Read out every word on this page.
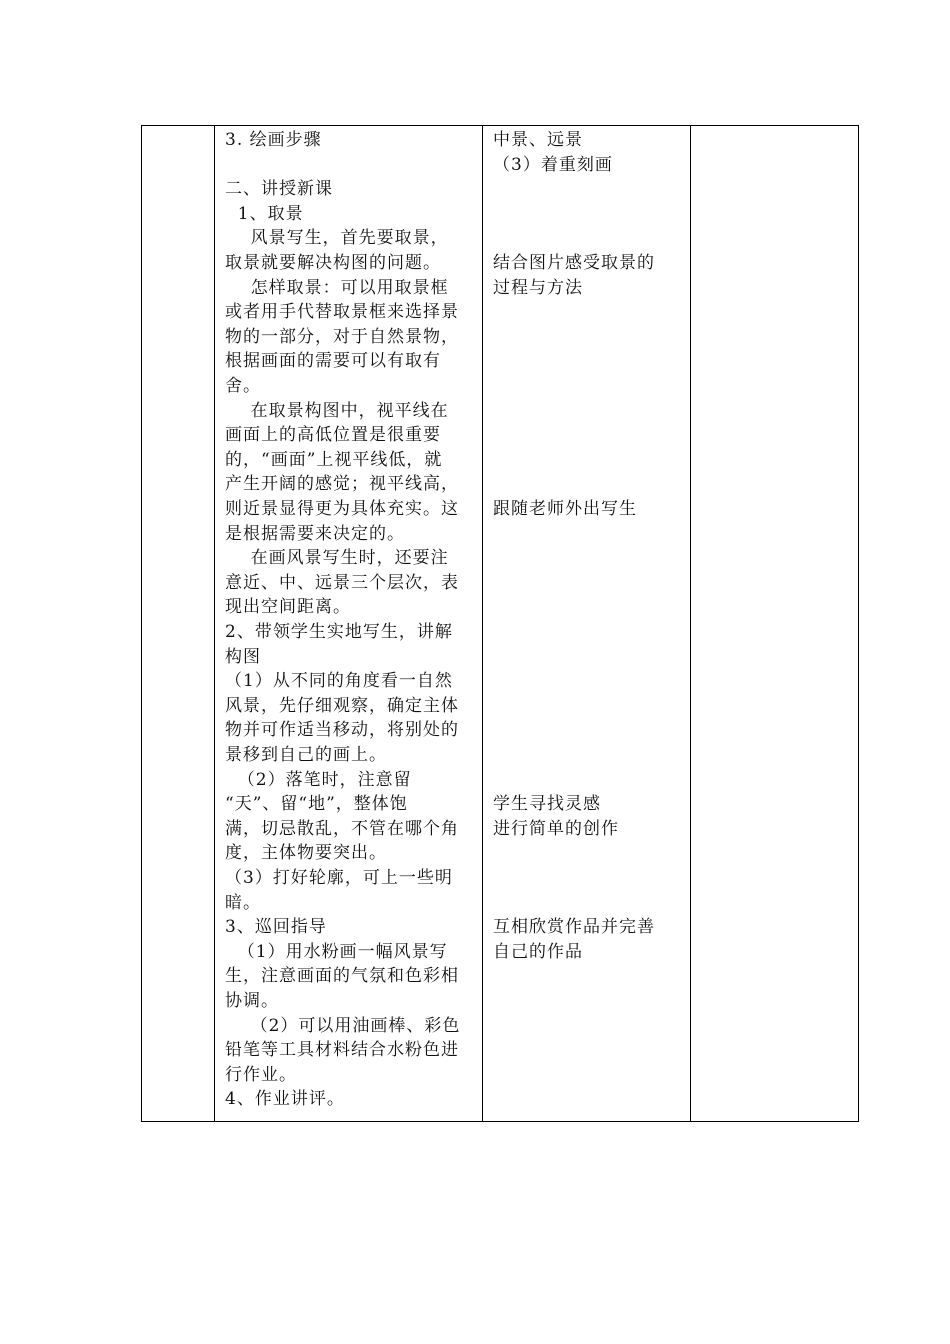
3. 绘画步骤
二、讲授新课
1、取景
风景写生，首先要取景，
取景就要解决构图的问题。
怎样取景：可以用取景框
或者用手代替取景框来选择景
物的一部分，对于自然景物，
根据画面的需要可以有取有
舍。
在取景构图中，视平线在
画面上的高低位置是很重要
的，“画面”上视平线低，就
产生开阔的感觉；视平线高，
则近景显得更为具体充实。这
是根据需要来决定的。
在画风景写生时，还要注
意近、中、远景三个层次，表
现出空间距离。
2、带领学生实地写生，讲解
构图
（1）从不同的角度看一自然
风景，先仔细观察，确定主体
物并可作适当移动，将别处的
景移到自己的画上。
（2）落笔时，注意留
“天”、留“地”，整体饱
满，切忌散乱，不管在哪个角
度，主体物要突出。
（3）打好轮廓，可上一些明
暗。
3、巡回指导
（1）用水粉画一幅风景写
生，注意画面的气氛和色彩相
协调。
（2）可以用油画棒、彩色
铅笔等工具材料结合水粉色进
行作业。
4、作业讲评。
中景、远景
（3）着重刻画
结合图片感受取景的
过程与方法
跟随老师外出写生
学生寻找灵感
进行简单的创作
互相欣赏作品并完善
自己的作品
